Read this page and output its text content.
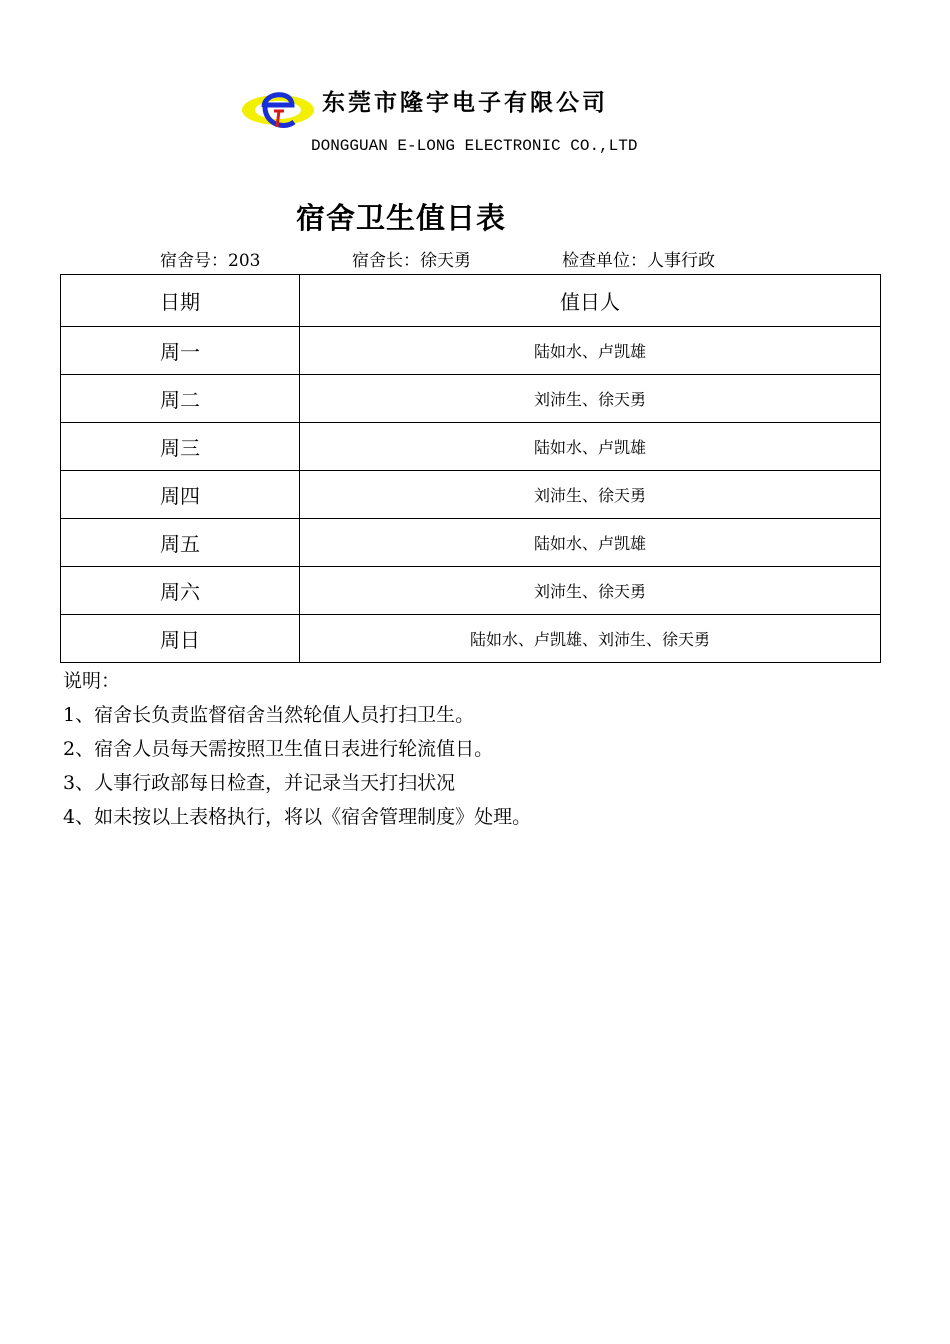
东莞市隆宇电子有限公司
DONGGUAN E-LONG ELECTRONIC CO.,LTD
宿舍卫生值日表
宿舍号：203	宿舍长：徐天勇	检查单位：人事行政
日期	值日人
周一	陆如水、卢凯雄
周二	刘沛生、徐天勇
周三	陆如水、卢凯雄
周四	刘沛生、徐天勇
周五	陆如水、卢凯雄
周六	刘沛生、徐天勇
周日	陆如水、卢凯雄、刘沛生、徐天勇
说明：
1、宿舍长负责监督宿舍当然轮值人员打扫卫生。
2、宿舍人员每天需按照卫生值日表进行轮流值日。
3、人事行政部每日检查，并记录当天打扫状况
4、如未按以上表格执行，将以《宿舍管理制度》处理。
